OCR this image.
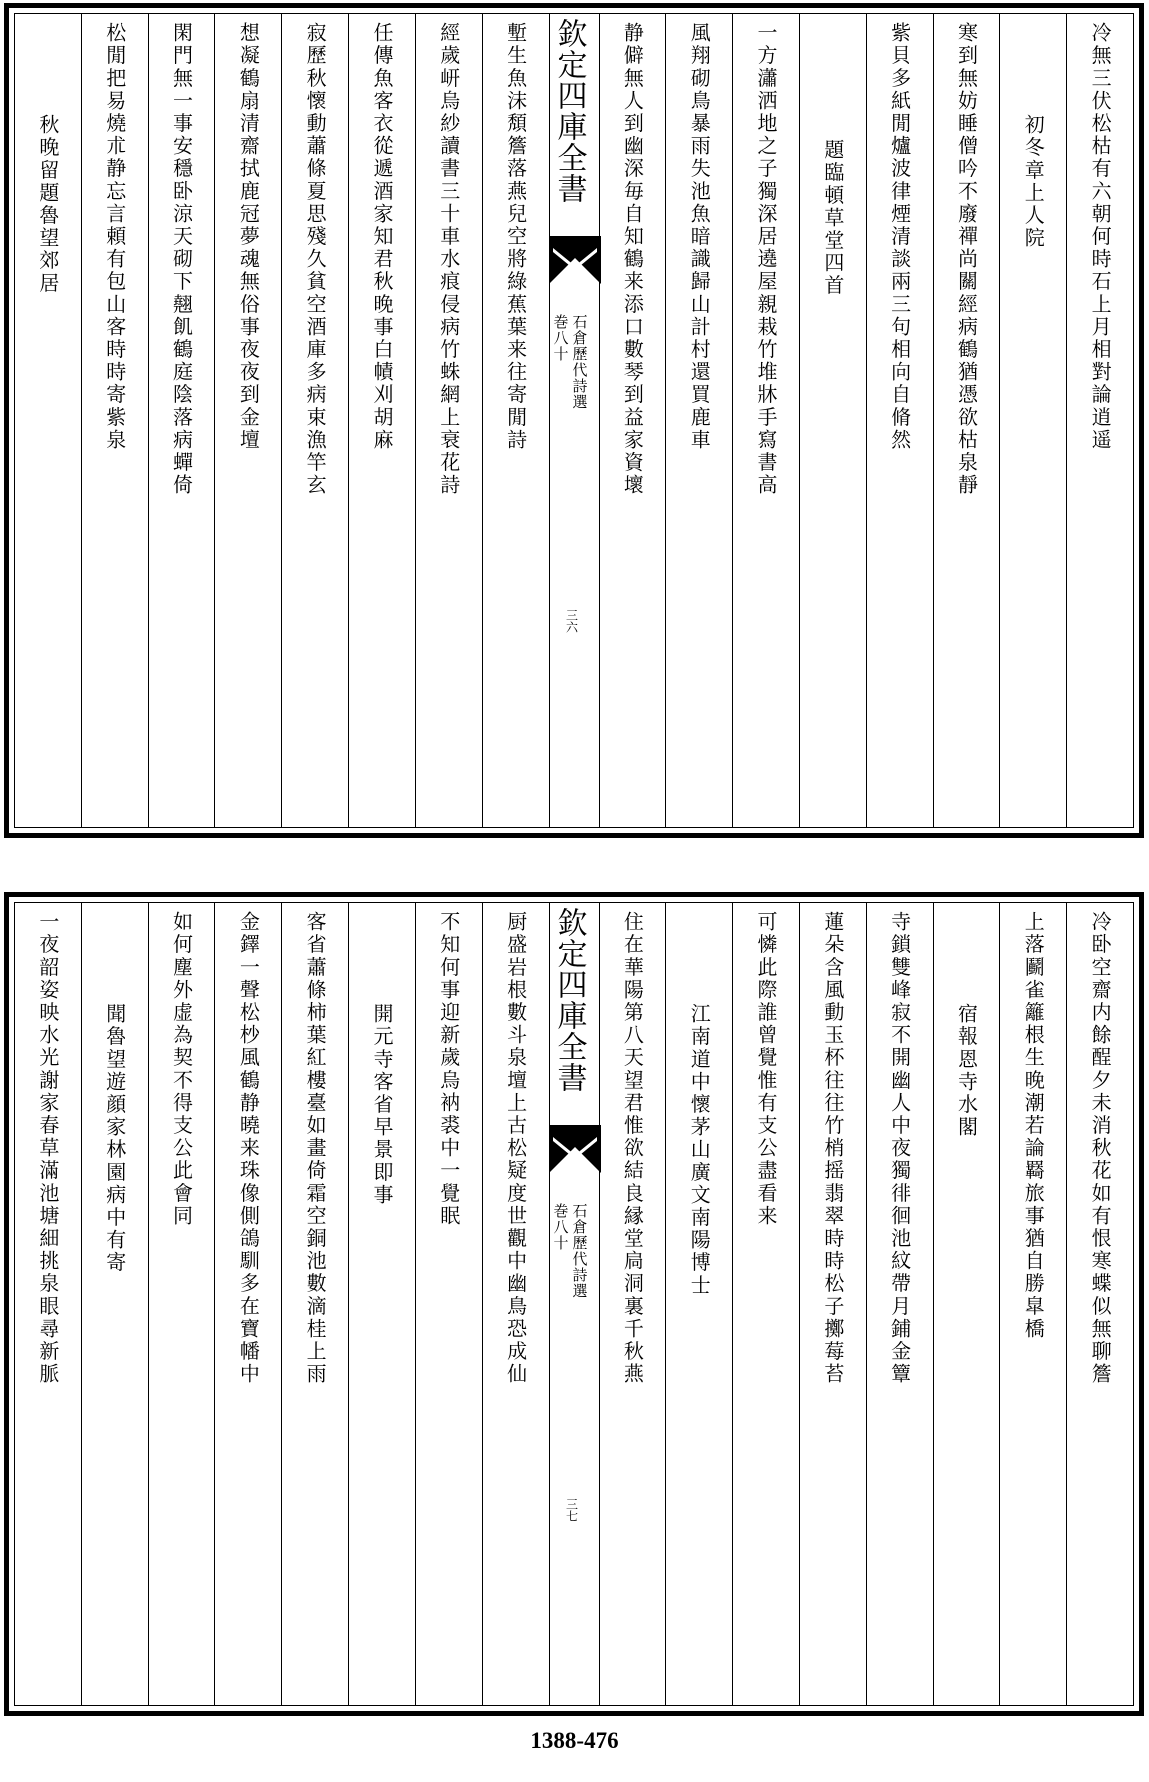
冷無三伏松枯有六朝何時石上月相對論逍遥
初冬章上人院
寒到無妨睡僧吟不廢禪尚關經病鶴猶憑欲枯泉靜
紫貝多紙閒爐波律煙清談兩三句相向自脩然
題臨頓草堂四首
一方瀟洒地之子獨深居遶屋親栽竹堆牀手寫書高
風翔砌鳥暴雨失池魚暗識歸山計村還買鹿車
静僻無人到幽深毎自知鶴来添口數琴到益家資壞
欽定四庫全書
石倉歷代詩選
巻八十
三六
塹生魚沫頽簷落燕兒空將綠蕉葉来往寄閒詩
經歲岍烏紗讀書三十車水痕侵病竹蛛網上衰花詩
任傳魚客衣從遞酒家知君秋晚事白幘刈胡麻
寂歷秋懷動蕭條夏思殘久貧空酒庫多病束漁竿玄
想凝鶴扇清齋拭鹿冠夢魂無俗事夜夜到金壇
閑門無一事安穩卧涼天砌下翹飢鶴庭陰落病蟬倚
松閒把易燒朮静忘言頼有包山客時時寄紫泉
秋晚留題魯望郊居
冷卧空齋内餘酲夕未消秋花如有恨寒蝶似無聊簷
上落鬬雀籬根生晚潮若論羇旅事猶自勝皐橋
宿報恩寺水閣
寺鎖雙峰寂不開幽人中夜獨徘徊池紋帶月鋪金簟
蓮朵含風動玉杯往往竹梢摇翡翠時時松子擲莓苔
可憐此際誰曾覺惟有支公盡看来
江南道中懷茅山廣文南陽博士
住在華陽第八天望君惟欲結良縁堂扃洞裏千秋燕
欽定四庫全書
石倉歷代詩選
巻八十
三七
厨盛岩根數斗泉壇上古松疑度世觀中幽鳥恐成仙
不知何事迎新歲烏衲裘中一覺眠
開元寺客省早景即事
客省蕭條柿葉紅樓臺如畫倚霜空銅池數滴桂上雨
金鐸一聲松杪風鶴静曉来珠像側鴿馴多在寶幡中
如何塵外虚為契不得支公此會同
聞魯望遊顔家林園病中有寄
一夜韶姿映水光謝家春草滿池塘細挑泉眼尋新脈
1388-476
